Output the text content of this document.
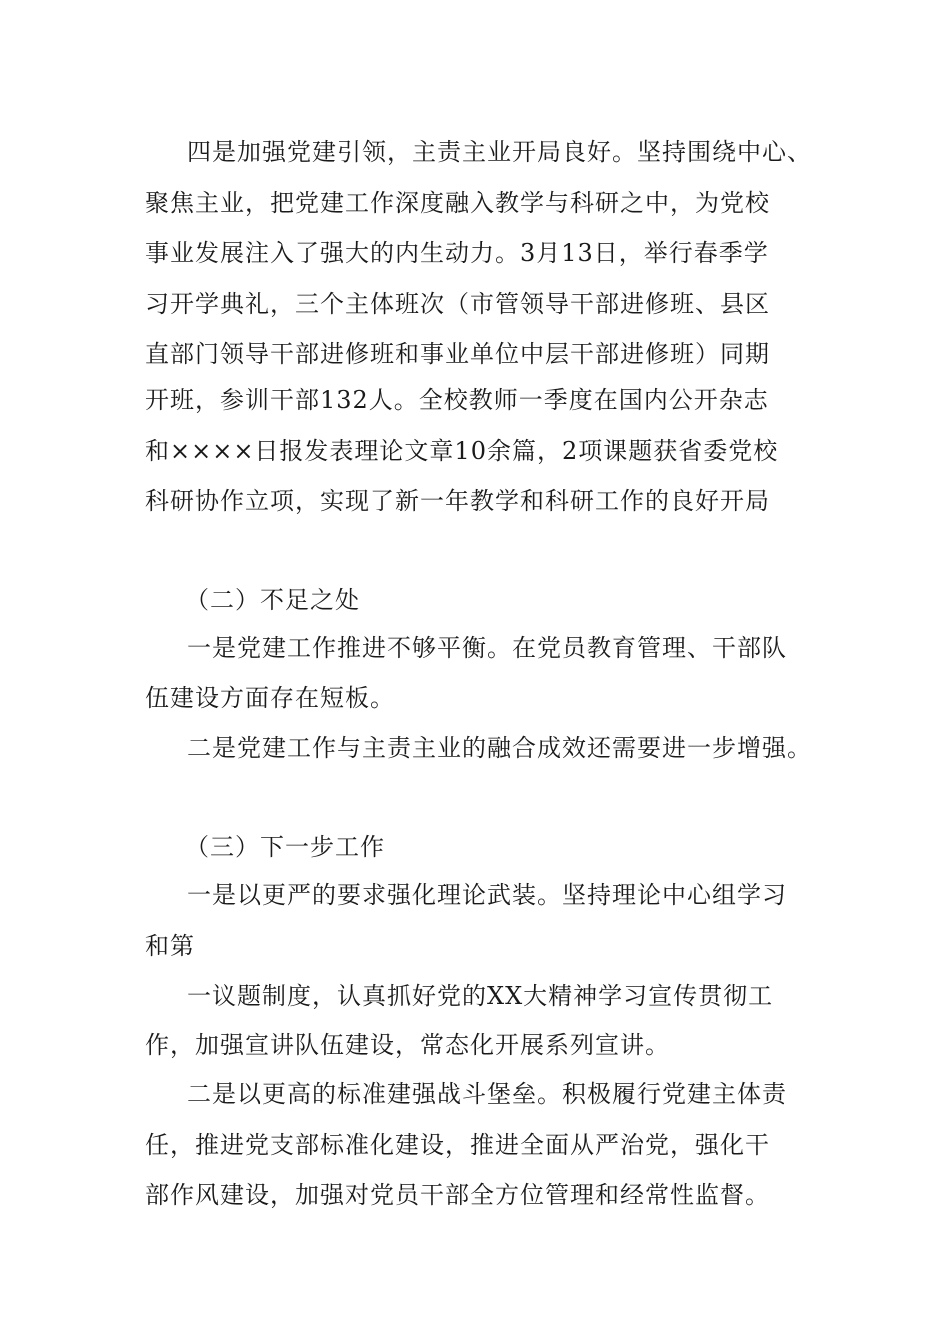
四是加强党建引领，主责主业开局良好。坚持围绕中心、
聚焦主业，把党建工作深度融入教学与科研之中，为党校
事业发展注入了强大的内生动力。3月13日，举行春季学
习开学典礼，三个主体班次（市管领导干部进修班、县区
直部门领导干部进修班和事业单位中层干部进修班）同期
开班，参训干部132人。全校教师一季度在国内公开杂志
和××××日报发表理论文章10余篇，2项课题获省委党校
科研协作立项，实现了新一年教学和科研工作的良好开局
（二）不足之处
一是党建工作推进不够平衡。在党员教育管理、干部队
伍建设方面存在短板。
二是党建工作与主责主业的融合成效还需要进一步增强。
（三）下一步工作
一是以更严的要求强化理论武装。坚持理论中心组学习
和第
一议题制度，认真抓好党的XX大精神学习宣传贯彻工
作，加强宣讲队伍建设，常态化开展系列宣讲。
二是以更高的标准建强战斗堡垒。积极履行党建主体责
任，推进党支部标准化建设，推进全面从严治党，强化干
部作风建设，加强对党员干部全方位管理和经常性监督。
